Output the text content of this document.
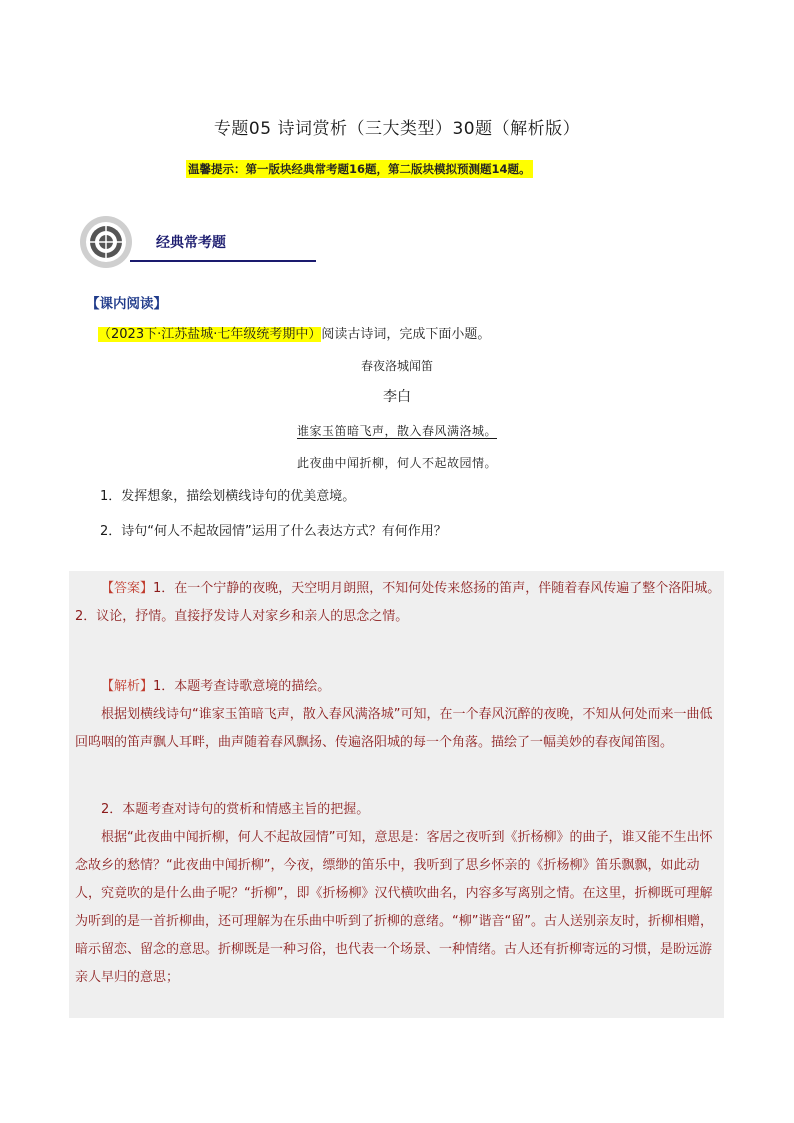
专题05 诗词赏析（三大类型）30题（解析版）
温馨提示：第一版块经典常考题16题，第二版块模拟预测题14题。
经典常考题
【课内阅读】
（2023下·江苏盐城·七年级统考期中）阅读古诗词，完成下面小题。
春夜洛城闻笛
李白
谁家玉笛暗飞声，散入春风满洛城。
此夜曲中闻折柳，何人不起故园情。
1．发挥想象，描绘划横线诗句的优美意境。
2．诗句“何人不起故园情”运用了什么表达方式？有何作用？

【答案】1．在一个宁静的夜晚，天空明月朗照，不知何处传来悠扬的笛声，伴随着春风传遍了整个洛阳城。　2．议论，抒情。直接抒发诗人对家乡和亲人的思念之情。

【解析】1．本题考查诗歌意境的描绘。

根据划横线诗句“谁家玉笛暗飞声，散入春风满洛城”可知，在一个春风沉醉的夜晚，不知从何处而来一曲低回呜咽的笛声飘人耳畔，曲声随着春风飘扬、传遍洛阳城的每一个角落。描绘了一幅美妙的春夜闻笛图。

2．本题考查对诗句的赏析和情感主旨的把握。

根据“此夜曲中闻折柳，何人不起故园情”可知，意思是：客居之夜听到《折杨柳》的曲子，谁又能不生出怀念故乡的愁情？“此夜曲中闻折柳”，今夜，缥缈的笛乐中，我听到了思乡怀亲的《折杨柳》笛乐飘飘，如此动人，究竟吹的是什么曲子呢？“折柳”，即《折杨柳》汉代横吹曲名，内容多写离别之情。在这里，折柳既可理解为听到的是一首折柳曲，还可理解为在乐曲中听到了折柳的意绪。“柳”谐音“留”。古人送别亲友时，折柳相赠，暗示留恋、留念的意思。折柳既是一种习俗，也代表一个场景、一种情绪。古人还有折柳寄远的习惯，是盼远游亲人早归的意思；
